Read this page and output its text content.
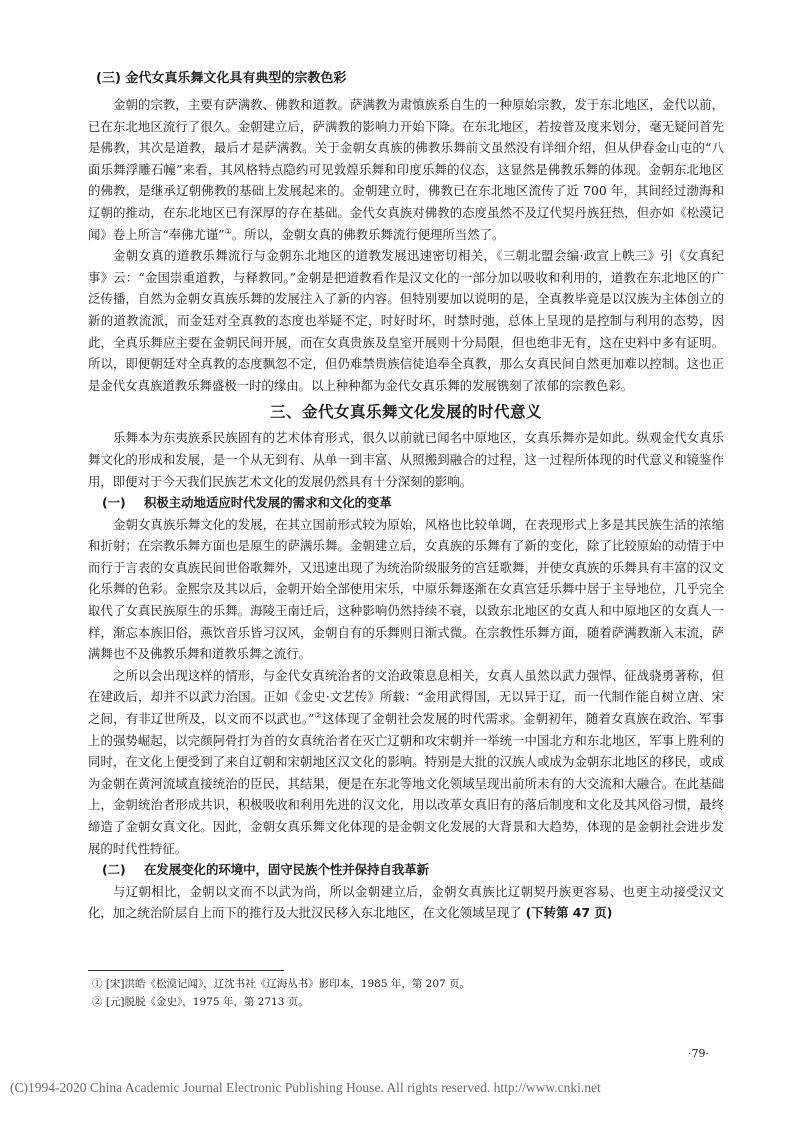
(三) 金代女真乐舞文化具有典型的宗教色彩

金朝的宗教，主要有萨满教、佛教和道教。萨满教为肃慎族系自生的一种原始宗教，发于东北地区，金代以前，已在东北地区流行了很久。金朝建立后，萨满教的影响力开始下降。在东北地区，若按普及度来划分，毫无疑问首先是佛教，其次是道教，最后才是萨满教。关于金朝女真族的佛教乐舞前文虽然没有详细介绍，但从伊春金山屯的“八面乐舞浮雕石幢”来看，其风格特点隐约可见敦煌乐舞和印度乐舞的仪态，这显然是佛教乐舞的体现。金朝东北地区的佛教，是继承辽朝佛教的基础上发展起来的。金朝建立时，佛教已在东北地区流传了近 700 年，其间经过渤海和辽朝的推动，在东北地区已有深厚的存在基础。金代女真族对佛教的态度虽然不及辽代契丹族狂热，但亦如《松漠记闻》卷上所言“奉佛尤谨”①。所以，金朝女真的佛教乐舞流行便理所当然了。

金朝女真的道教乐舞流行与金朝东北地区的道教发展迅速密切相关，《三朝北盟会编·政宣上帙三》引《女真纪事》云：“金国崇重道教，与释教同。”金朝是把道教看作是汉文化的一部分加以吸收和利用的，道教在东北地区的广泛传播，自然为金朝女真族乐舞的发展注入了新的内容。但特别要加以说明的是，全真教毕竟是以汉族为主体创立的新的道教流派，而金廷对全真教的态度也举疑不定，时好时坏，时禁时弛，总体上呈现的是控制与利用的态势，因此，全真乐舞应主要在金朝民间开展，而在女真贵族及皇室开展则十分局限，但也绝非无有，这在史料中多有证明。所以，即便朝廷对全真教的态度飘忽不定，但仍难禁贵族信徒追奉全真教，那么女真民间自然更加难以控制。这也正是金代女真族道教乐舞盛极一时的缘由。以上种种都为金代女真乐舞的发展镌刻了浓郁的宗教色彩。

三、金代女真乐舞文化发展的时代意义

乐舞本为东夷族系民族固有的艺术体育形式，很久以前就已闻名中原地区，女真乐舞亦是如此。纵观金代女真乐舞文化的形成和发展，是一个从无到有、从单一到丰富、从照搬到融合的过程，这一过程所体现的时代意义和镜鉴作用，即便对于今天我们民族艺术文化的发展仍然具有十分深刻的影响。

(一) 积极主动地适应时代发展的需求和文化的变革

金朝女真族乐舞文化的发展，在其立国前形式较为原始，风格也比较单调，在表现形式上多是其民族生活的浓缩和折射；在宗教乐舞方面也是原生的萨满乐舞。金朝建立后，女真族的乐舞有了新的变化，除了比较原始的动情于中而行于言表的女真族民间世俗歌舞外，又迅速出现了为统治阶级服务的宫廷歌舞，并使女真族的乐舞具有丰富的汉文化乐舞的色彩。金熙宗及其以后，金朝开始全部使用宋乐，中原乐舞逐渐在女真宫廷乐舞中居于主导地位，几乎完全取代了女真民族原生的乐舞。海陵王南迁后，这种影响仍然持续不衰，以致东北地区的女真人和中原地区的女真人一样，渐忘本族旧俗，燕饮音乐皆习汉风，金朝自有的乐舞则日渐式微。在宗教性乐舞方面，随着萨满教渐入末流，萨满舞也不及佛教乐舞和道教乐舞之流行。

之所以会出现这样的情形，与金代女真统治者的文治政策息息相关，女真人虽然以武力强悍、征战骁勇著称，但在建政后，却并不以武力治国。正如《金史·文艺传》所载：“金用武得国，无以异于辽，而一代制作能自树立唐、宋之间，有非辽世所及，以文而不以武也。”②这体现了金朝社会发展的时代需求。金朝初年，随着女真族在政治、军事上的强势崛起，以完颜阿骨打为首的女真统治者在灭亡辽朝和攻宋朝并一举统一中国北方和东北地区，军事上胜利的同时，在文化上便受到了来自辽朝和宋朝地区汉文化的影响。特别是大批的汉族人或成为金朝东北地区的移民，或成为金朝在黄河流域直接统治的臣民，其结果，便是在东北等地文化领域呈现出前所未有的大交流和大融合。在此基础上，金朝统治者形成共识，积极吸收和利用先进的汉文化，用以改革女真旧有的落后制度和文化及其风俗习惯，最终缔造了金朝女真文化。因此，金朝女真乐舞文化体现的是金朝文化发展的大背景和大趋势，体现的是金朝社会进步发展的时代性特征。

(二) 在发展变化的环境中，固守民族个性并保持自我革新

与辽朝相比，金朝以文而不以武为尚，所以金朝建立后，金朝女真族比辽朝契丹族更容易、也更主动接受汉文化，加之统治阶层自上而下的推行及大批汉民移入东北地区，在文化领域呈现了 (下转第 47 页)

① [宋]洪皓《松漠记闻》，辽沈书社《辽海丛书》影印本，1985 年，第 207 页。

② [元]脱脱《金史》，1975 年，第 2713 页。

·79·
(C)1994-2020 China Academic Journal Electronic Publishing House. All rights reserved. http://www.cnki.net
